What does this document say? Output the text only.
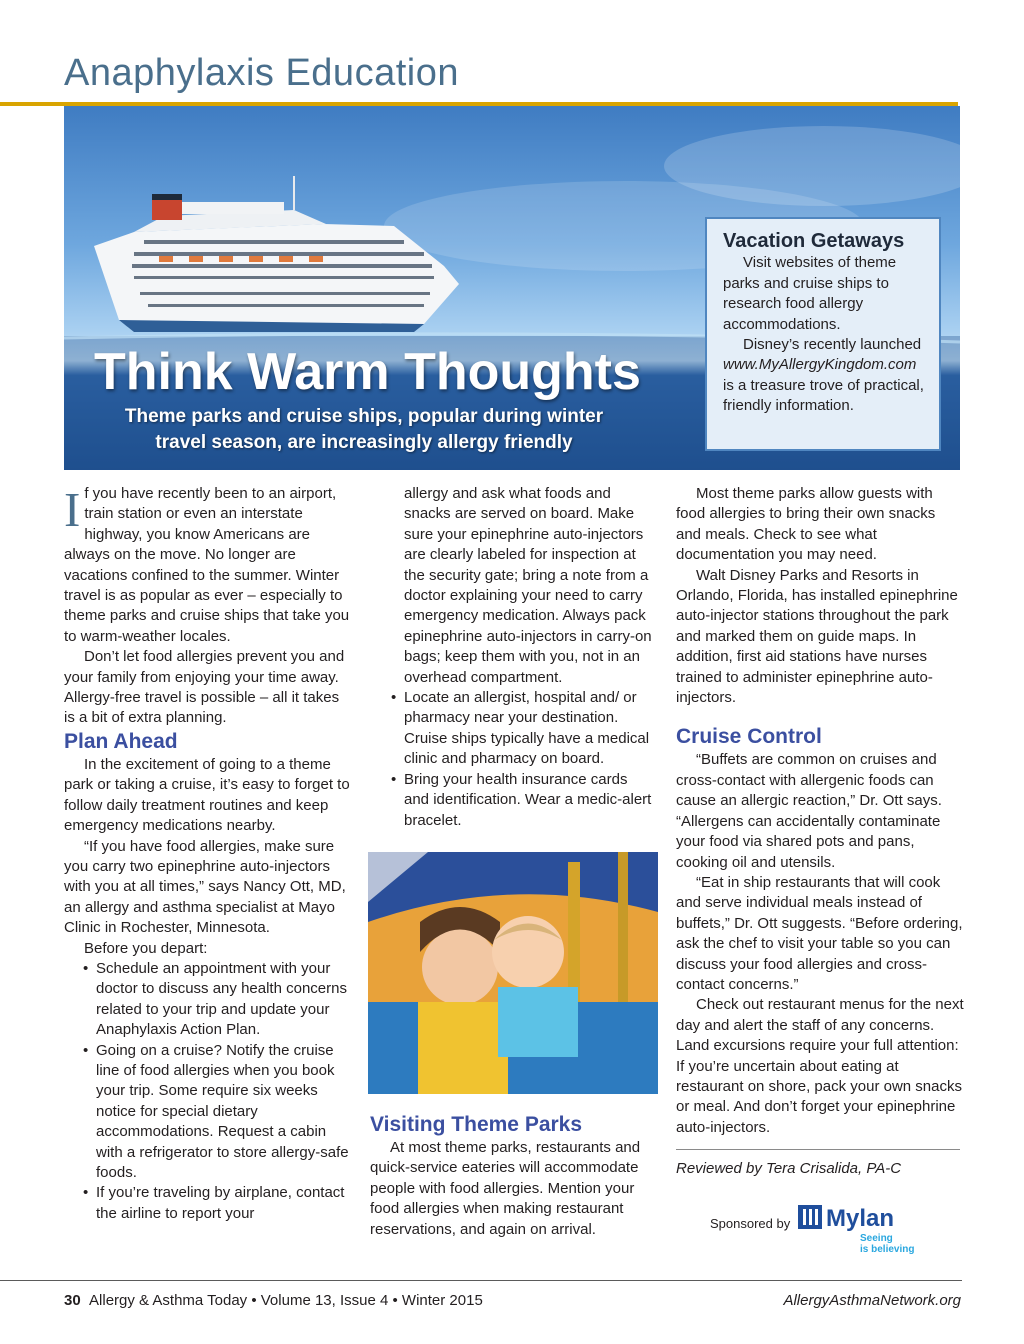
Anaphylaxis Education
Think Warm Thoughts

Theme parks and cruise ships, popular during winter travel season, are increasingly allergy friendly

Vacation Getaways

Visit websites of theme parks and cruise ships to research food allergy accommodations.

Disney’s recently launched www.MyAllergyKingdom.com is a treasure trove of practical, friendly information.

If you have recently been to an airport, train station or even an interstate highway, you know Americans are always on the move. No longer are vacations confined to the summer. Winter travel is as popular as ever – especially to theme parks and cruise ships that take you to warm-weather locales.

Don’t let food allergies prevent you and your family from enjoying your time away. Allergy-free travel is possible – all it takes is a bit of extra planning.

Plan Ahead

In the excitement of going to a theme park or taking a cruise, it’s easy to forget to follow daily treatment routines and keep emergency medications nearby.

“If you have food allergies, make sure you carry two epinephrine auto-injectors with you at all times,” says Nancy Ott, MD, an allergy and asthma specialist at Mayo Clinic in Rochester, Minnesota.

Before you depart:

• Schedule an appointment with your doctor to discuss any health concerns related to your trip and update your Anaphylaxis Action Plan.
• Going on a cruise? Notify the cruise line of food allergies when you book your trip. Some require six weeks notice for special dietary accommodations. Request a cabin with a refrigerator to store allergy-safe foods.
• If you’re traveling by airplane, contact the airline to report your
allergy and ask what foods and snacks are served on board. Make sure your epinephrine auto-injectors are clearly labeled for inspection at the security gate; bring a note from a doctor explaining your need to carry emergency medication. Always pack epinephrine auto-injectors in carry-on bags; keep them with you, not in an overhead compartment.
• Locate an allergist, hospital and/ or pharmacy near your destination. Cruise ships typically have a medical clinic and pharmacy on board.
• Bring your health insurance cards and identification. Wear a medic-alert bracelet.

Visiting Theme Parks

At most theme parks, restaurants and quick-service eateries will accommodate people with food allergies. Mention your food allergies when making restaurant reservations, and again on arrival.

Most theme parks allow guests with food allergies to bring their own snacks and meals. Check to see what documentation you may need.

Walt Disney Parks and Resorts in Orlando, Florida, has installed epinephrine auto-injector stations throughout the park and marked them on guide maps. In addition, first aid stations have nurses trained to administer epinephrine auto-injectors.

Cruise Control

“Buffets are common on cruises and cross-contact with allergenic foods can cause an allergic reaction,” Dr. Ott says. “Allergens can accidentally contaminate your food via shared pots and pans, cooking oil and utensils.

“Eat in ship restaurants that will cook and serve individual meals instead of buffets,” Dr. Ott suggests. “Before ordering, ask the chef to visit your table so you can discuss your food allergies and cross-contact concerns.”

Check out restaurant menus for the next day and alert the staff of any concerns. Land excursions require your full attention: If you’re uncertain about eating at restaurant on shore, pack your own snacks or meal. And don’t forget your epinephrine auto-injectors.

Reviewed by Tera Crisalida, PA-C

Sponsored by Mylan
Seeing
is believing

30 Allergy & Asthma Today • Volume 13, Issue 4 • Winter 2015	AllergyAsthmaNetwork.org
